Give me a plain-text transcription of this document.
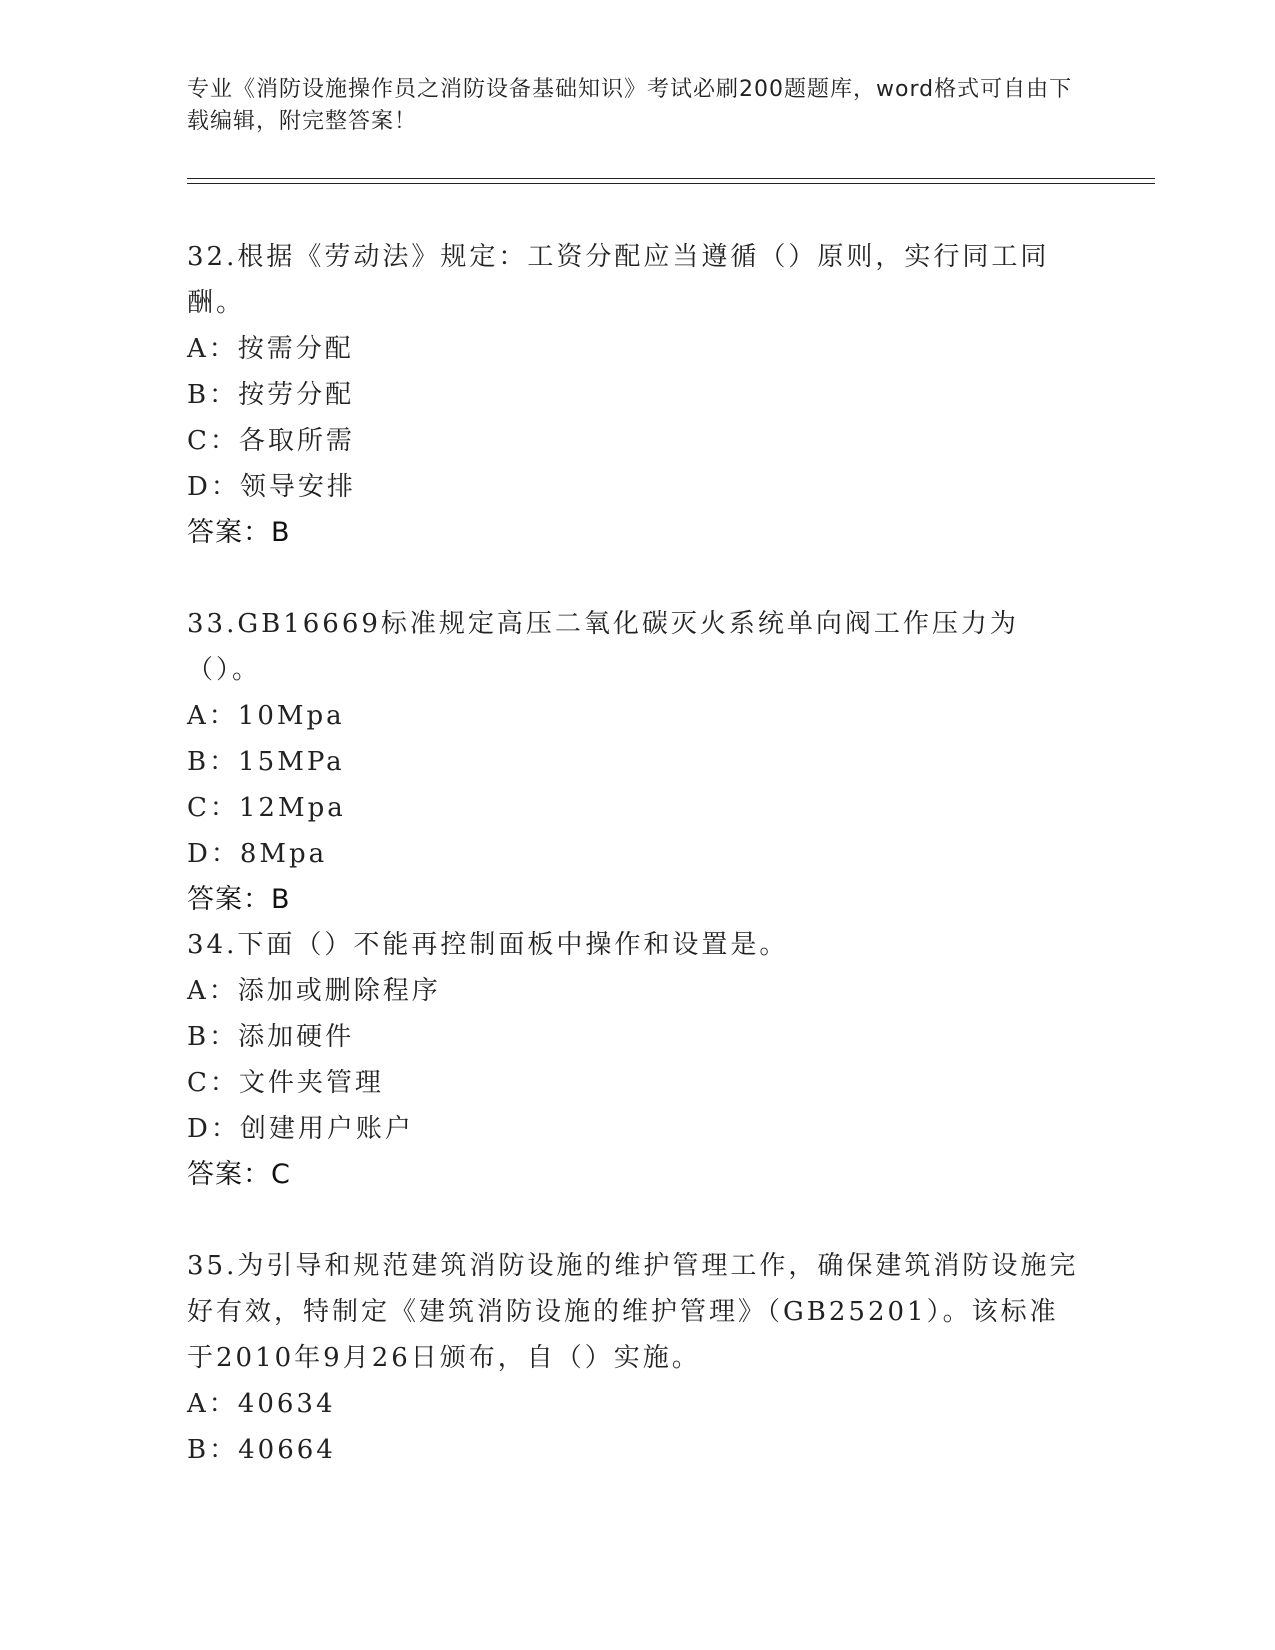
专业《消防设施操作员之消防设备基础知识》考试必刷200题题库，word格式可自由下载编辑，附完整答案！

32.根据《劳动法》规定：工资分配应当遵循（）原则，实行同工同酬。

A：按需分配

B：按劳分配

C：各取所需

D：领导安排

答案：B

33.GB16669标准规定高压二氧化碳灭火系统单向阀工作压力为（）。

A：10Mpa

B：15MPa

C：12Mpa

D：8Mpa

答案：B

34.下面（）不能再控制面板中操作和设置是。

A：添加或删除程序

B：添加硬件

C：文件夹管理

D：创建用户账户

答案：C

35.为引导和规范建筑消防设施的维护管理工作，确保建筑消防设施完好有效，特制定《建筑消防设施的维护管理》（GB25201）。该标准于2010年9月26日颁布，自（）实施。

A：40634

B：40664
